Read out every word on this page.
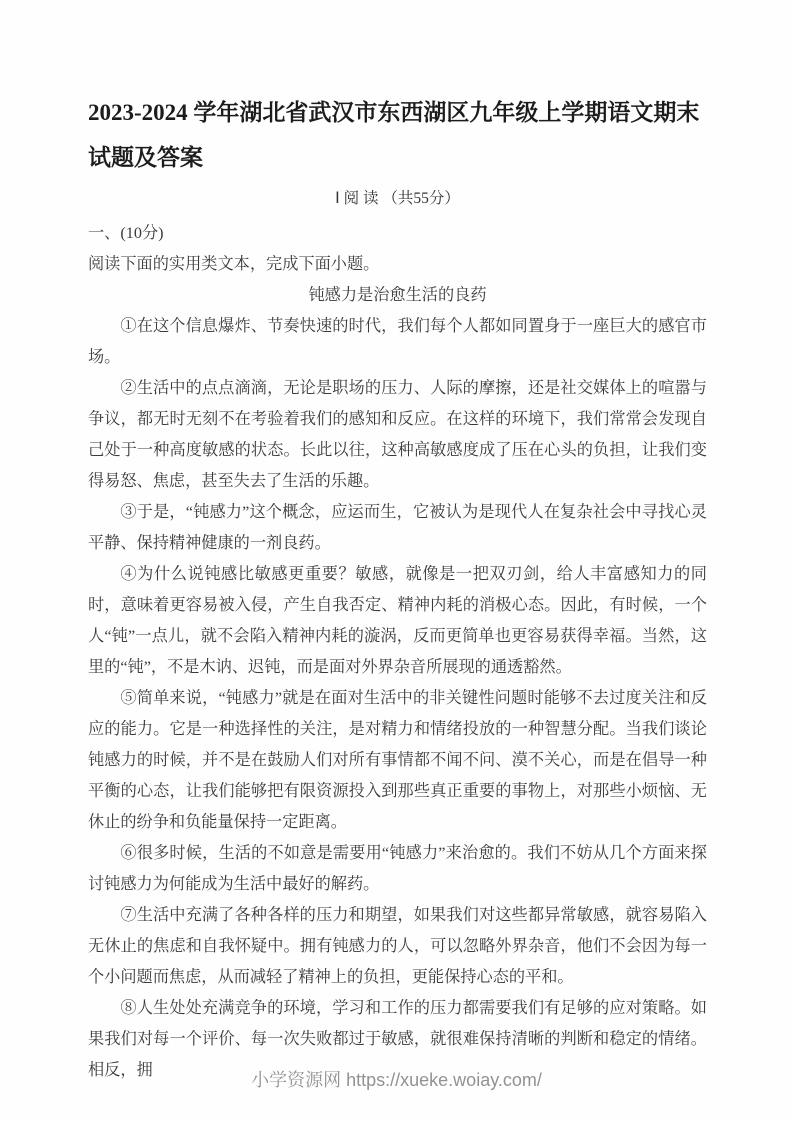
2023-2024 学年湖北省武汉市东西湖区九年级上学期语文期末试题及答案
Ⅰ 阅 读 （共55分）

一、(10分)

阅读下面的实用类文本，完成下面小题。

钝感力是治愈生活的良药

①在这个信息爆炸、节奏快速的时代，我们每个人都如同置身于一座巨大的感官市场。

②生活中的点点滴滴，无论是职场的压力、人际的摩擦，还是社交媒体上的喧嚣与争议，都无时无刻不在考验着我们的感知和反应。在这样的环境下，我们常常会发现自己处于一种高度敏感的状态。长此以往，这种高敏感度成了压在心头的负担，让我们变得易怒、焦虑，甚至失去了生活的乐趣。

③于是，“钝感力”这个概念，应运而生，它被认为是现代人在复杂社会中寻找心灵平静、保持精神健康的一剂良药。

④为什么说钝感比敏感更重要？敏感，就像是一把双刃剑，给人丰富感知力的同时，意味着更容易被入侵，产生自我否定、精神内耗的消极心态。因此，有时候，一个人“钝”一点儿，就不会陷入精神内耗的漩涡，反而更简单也更容易获得幸福。当然，这里的“钝”，不是木讷、迟钝，而是面对外界杂音所展现的通透豁然。

⑤简单来说，“钝感力”就是在面对生活中的非关键性问题时能够不去过度关注和反应的能力。它是一种选择性的关注，是对精力和情绪投放的一种智慧分配。当我们谈论钝感力的时候，并不是在鼓励人们对所有事情都不闻不问、漠不关心，而是在倡导一种平衡的心态，让我们能够把有限资源投入到那些真正重要的事物上，对那些小烦恼、无休止的纷争和负能量保持一定距离。

⑥很多时候，生活的不如意是需要用“钝感力”来治愈的。我们不妨从几个方面来探讨钝感力为何能成为生活中最好的解药。

⑦生活中充满了各种各样的压力和期望，如果我们对这些都异常敏感，就容易陷入无休止的焦虑和自我怀疑中。拥有钝感力的人，可以忽略外界杂音，他们不会因为每一个小问题而焦虑，从而减轻了精神上的负担，更能保持心态的平和。

⑧人生处处充满竞争的环境，学习和工作的压力都需要我们有足够的应对策略。如果我们对每一个评价、每一次失败都过于敏感，就很难保持清晰的判断和稳定的情绪。相反，拥	小学资源网 https://xueke.woiay.com/
